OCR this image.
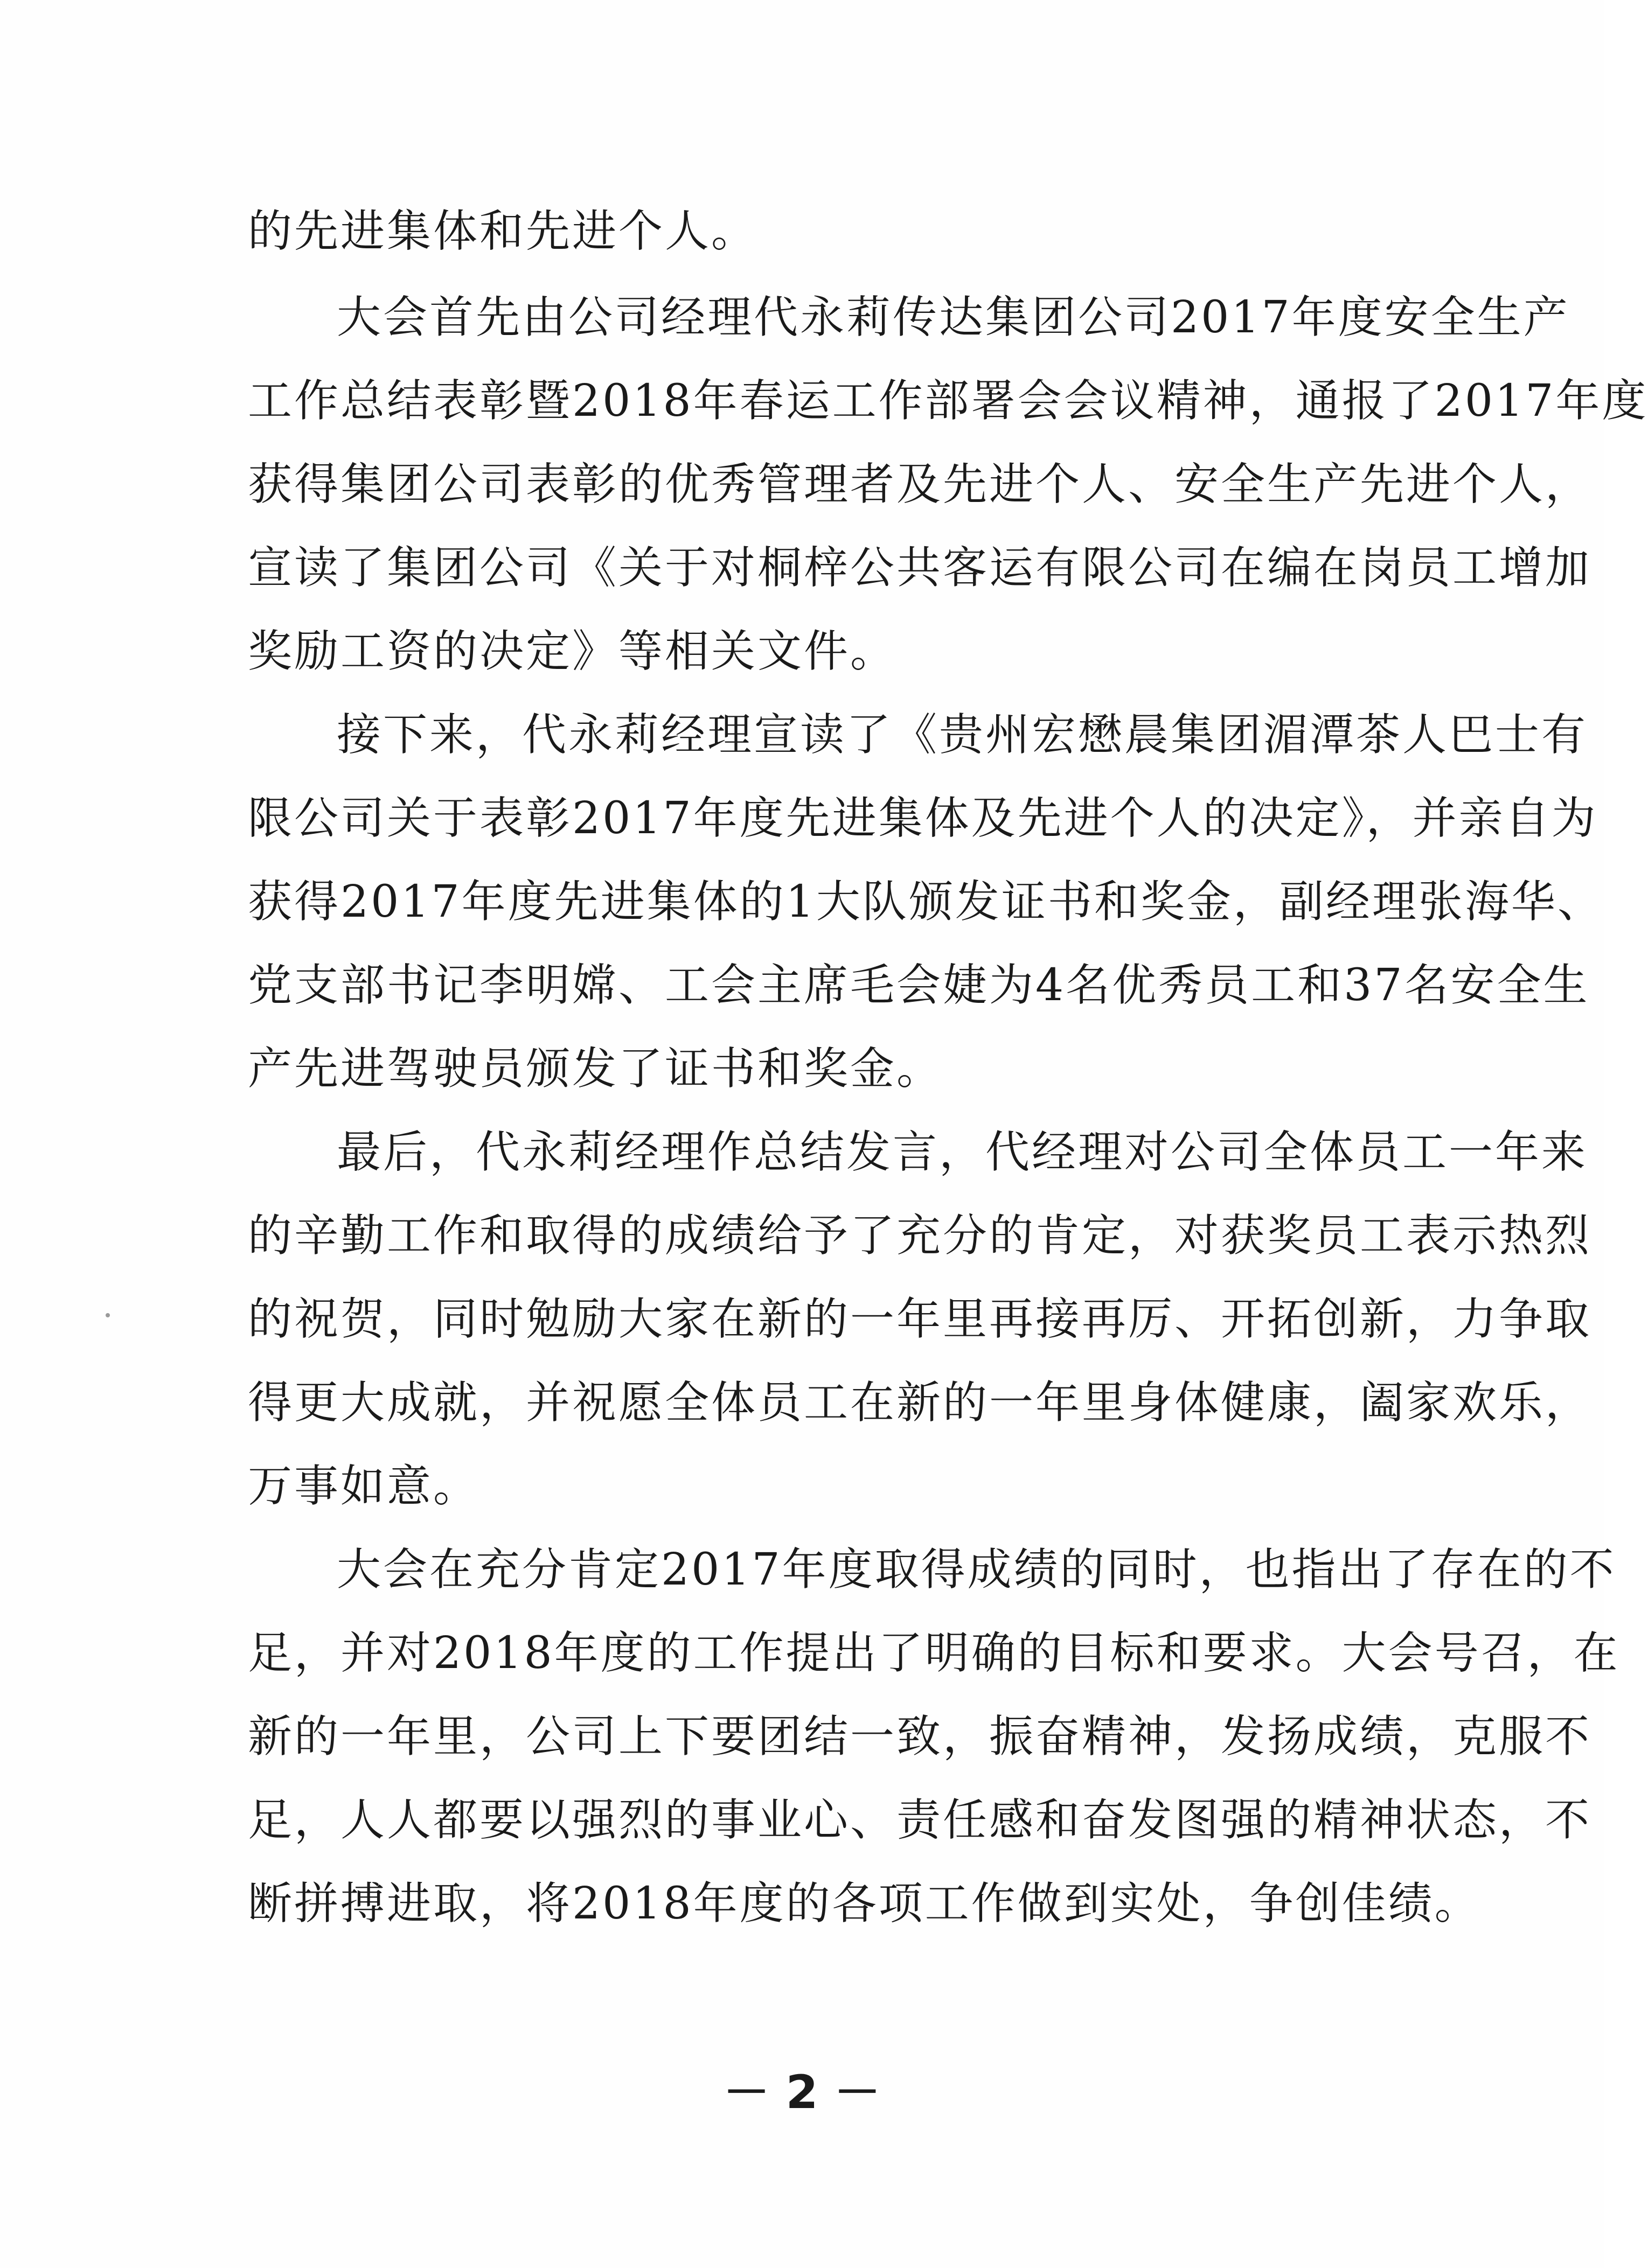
的先进集体和先进个人。
大会首先由公司经理代永莉传达集团公司2017年度安全生产
工作总结表彰暨2018年春运工作部署会会议精神，通报了2017年度
获得集团公司表彰的优秀管理者及先进个人、安全生产先进个人，
宣读了集团公司《关于对桐梓公共客运有限公司在编在岗员工增加
奖励工资的决定》等相关文件。
接下来，代永莉经理宣读了《贵州宏懋晨集团湄潭茶人巴士有
限公司关于表彰2017年度先进集体及先进个人的决定》，并亲自为
获得2017年度先进集体的1大队颁发证书和奖金，副经理张海华、
党支部书记李明嫦、工会主席毛会婕为4名优秀员工和37名安全生
产先进驾驶员颁发了证书和奖金。
最后，代永莉经理作总结发言，代经理对公司全体员工一年来
的辛勤工作和取得的成绩给予了充分的肯定，对获奖员工表示热烈
的祝贺，同时勉励大家在新的一年里再接再厉、开拓创新，力争取
得更大成就，并祝愿全体员工在新的一年里身体健康，阖家欢乐，
万事如意。
大会在充分肯定2017年度取得成绩的同时，也指出了存在的不
足，并对2018年度的工作提出了明确的目标和要求。大会号召，在
新的一年里，公司上下要团结一致，振奋精神，发扬成绩，克服不
足，人人都要以强烈的事业心、责任感和奋发图强的精神状态，不
断拼搏进取，将2018年度的各项工作做到实处，争创佳绩。
－ 2 －
